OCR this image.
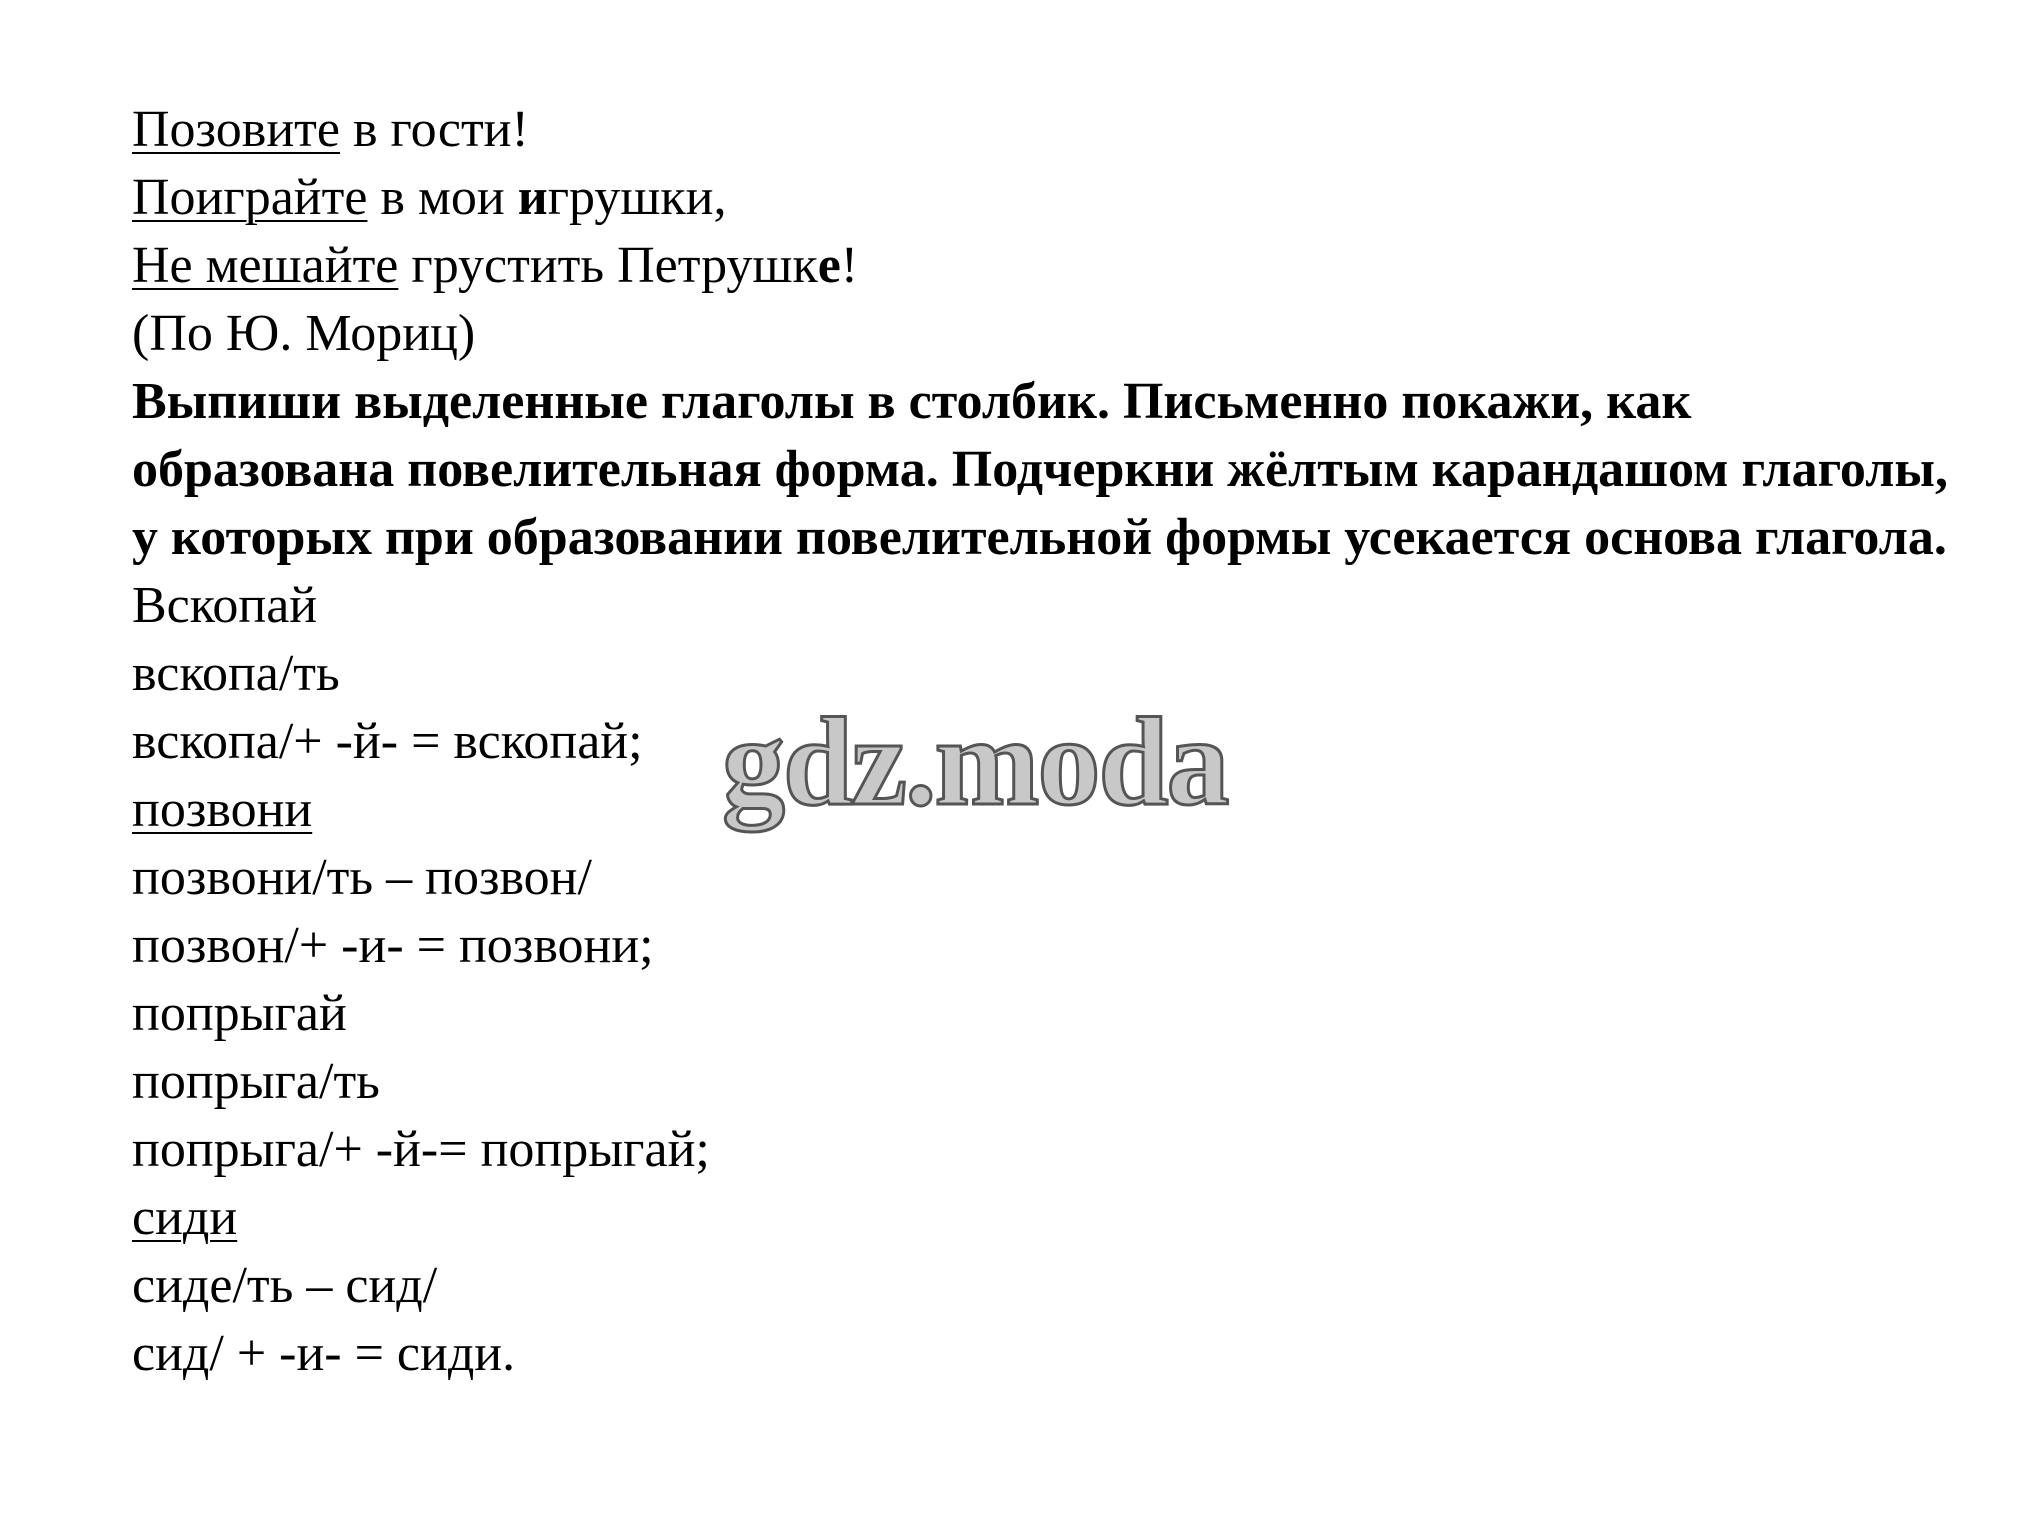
Позовите в гости!
Поиграйте в мои игрушки,
Не мешайте грустить Петрушке!
(По Ю. Мориц)
Выпиши выделенные глаголы в столбик. Письменно покажи, как образована повелительная форма. Подчеркни жёлтым карандашом глаголы, у которых при образовании повелительной формы усекается основа глагола.
Вскопай
вскопа/ть
вскопа/+ -й- = вскопай;
позвони
позвони/ть – позвон/
позвон/+ -и- = позвони;
попрыгай
попрыга/ть
попрыга/+ -й-= попрыгай;
сиди
сиде/ть – сид/
сид/ + -и- = сиди.
gdz.moda
